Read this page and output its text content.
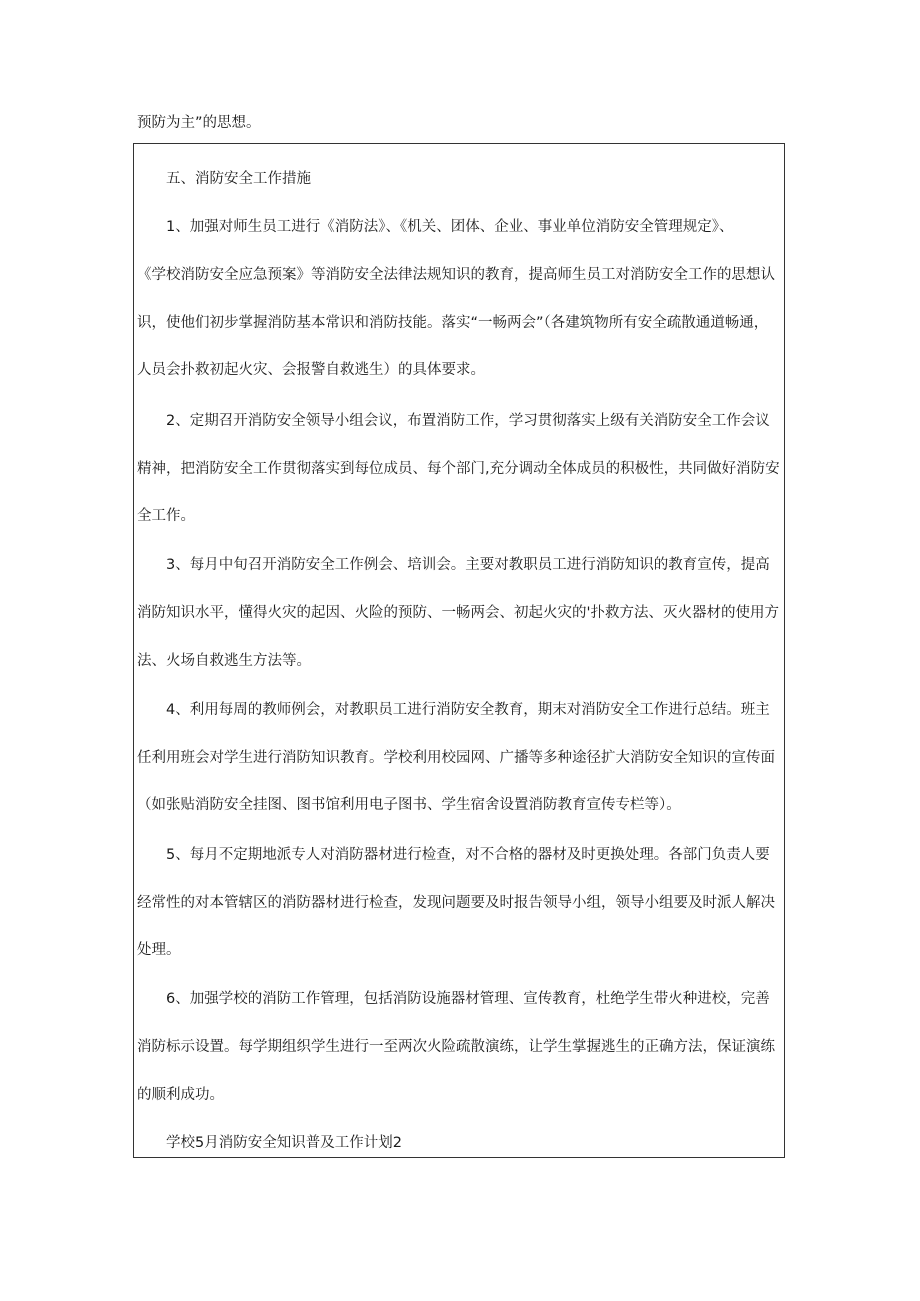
预防为主”的思想。
五、消防安全工作措施
1、加强对师生员工进行《消防法》、《机关、团体、企业、事业单位消防安全管理规定》、
《学校消防安全应急预案》等消防安全法律法规知识的教育，提高师生员工对消防安全工作的思想认
识，使他们初步掌握消防基本常识和消防技能。落实“一畅两会”（各建筑物所有安全疏散通道畅通，
人员会扑救初起火灾、会报警自救逃生）的具体要求。
2、定期召开消防安全领导小组会议，布置消防工作，学习贯彻落实上级有关消防安全工作会议
精神，把消防安全工作贯彻落实到每位成员、每个部门,充分调动全体成员的积极性，共同做好消防安
全工作。
3、每月中旬召开消防安全工作例会、培训会。主要对教职员工进行消防知识的教育宣传，提高
消防知识水平，懂得火灾的起因、火险的预防、一畅两会、初起火灾的'扑救方法、灭火器材的使用方
法、火场自救逃生方法等。
4、利用每周的教师例会，对教职员工进行消防安全教育，期末对消防安全工作进行总结。班主
任利用班会对学生进行消防知识教育。学校利用校园网、广播等多种途径扩大消防安全知识的宣传面
（如张贴消防安全挂图、图书馆利用电子图书、学生宿舍设置消防教育宣传专栏等）。
5、每月不定期地派专人对消防器材进行检查，对不合格的器材及时更换处理。各部门负责人要
经常性的对本管辖区的消防器材进行检查，发现问题要及时报告领导小组，领导小组要及时派人解决
处理。
6、加强学校的消防工作管理，包括消防设施器材管理、宣传教育，杜绝学生带火种进校，完善
消防标示设置。每学期组织学生进行一至两次火险疏散演练，让学生掌握逃生的正确方法，保证演练
的顺利成功。
学校5月消防安全知识普及工作计划2
